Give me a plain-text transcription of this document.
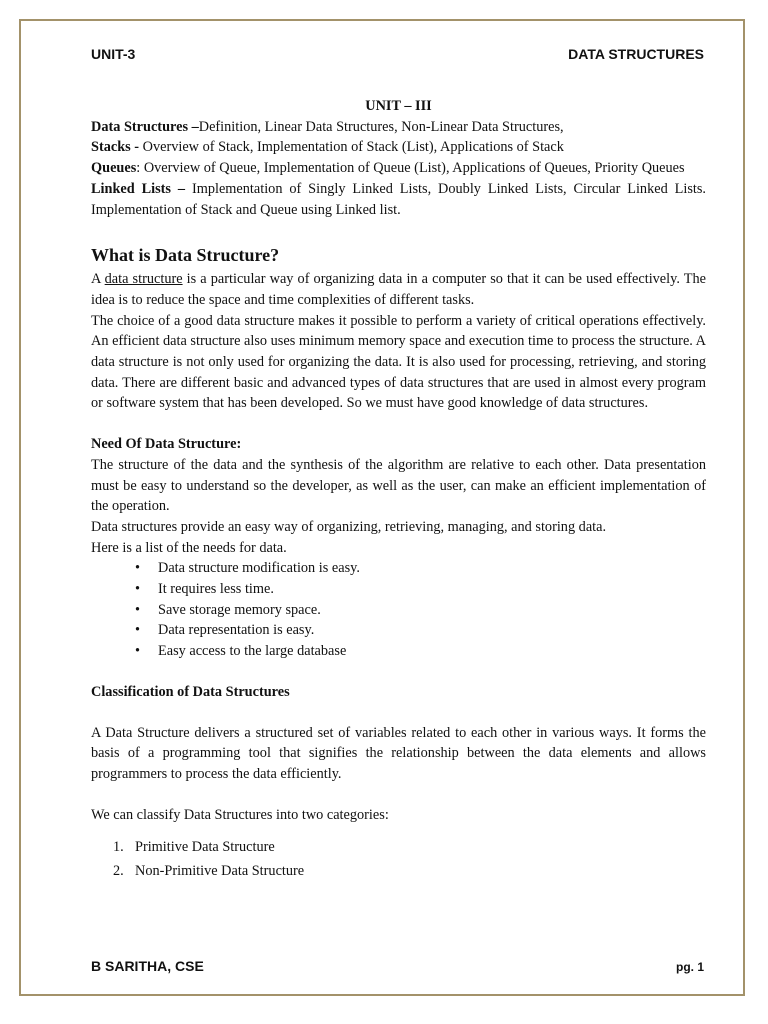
UNIT-3	DATA STRUCTURES

UNIT – III

Data Structures –Definition, Linear Data Structures, Non-Linear Data Structures,

Stacks - Overview of Stack, Implementation of Stack (List), Applications of Stack

Queues: Overview of Queue, Implementation of Queue (List), Applications of Queues, Priority Queues

Linked Lists – Implementation of Singly Linked Lists, Doubly Linked Lists, Circular Linked Lists. Implementation of Stack and Queue using Linked list.

What is Data Structure?

A data structure is a particular way of organizing data in a computer so that it can be used effectively. The idea is to reduce the space and time complexities of different tasks.

The choice of a good data structure makes it possible to perform a variety of critical operations effectively. An efficient data structure also uses minimum memory space and execution time to process the structure. A data structure is not only used for organizing the data. It is also used for processing, retrieving, and storing data. There are different basic and advanced types of data structures that are used in almost every program or software system that has been developed. So we must have good knowledge of data structures.

Need Of Data Structure:

The structure of the data and the synthesis of the algorithm are relative to each other. Data presentation must be easy to understand so the developer, as well as the user, can make an efficient implementation of the operation.

Data structures provide an easy way of organizing, retrieving, managing, and storing data.

Here is a list of the needs for data.

• Data structure modification is easy.
• It requires less time.
• Save storage memory space.
• Data representation is easy.
• Easy access to the large database

Classification of Data Structures

A Data Structure delivers a structured set of variables related to each other in various ways. It forms the basis of a programming tool that signifies the relationship between the data elements and allows programmers to process the data efficiently.

We can classify Data Structures into two categories:

1. Primitive Data Structure
2. Non-Primitive Data Structure
B SARITHA, CSE	pg. 1
